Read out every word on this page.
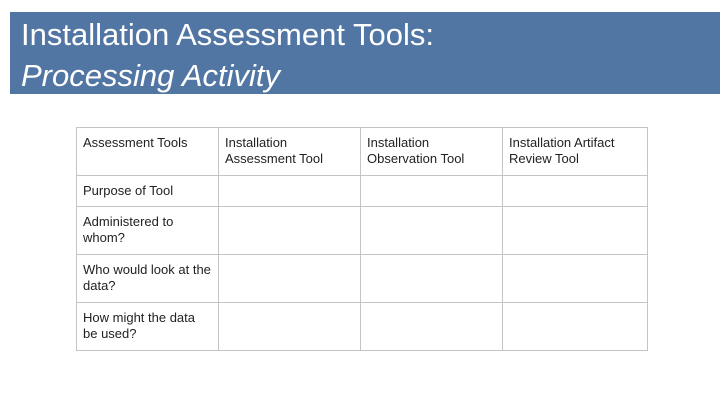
Installation Assessment Tools:
Processing Activity
Assessment Tools	Installation Assessment Tool	Installation Observation Tool	Installation Artifact Review Tool
Purpose of Tool			
Administered to whom?			
Who would look at the data?			
How might the data be used?			
